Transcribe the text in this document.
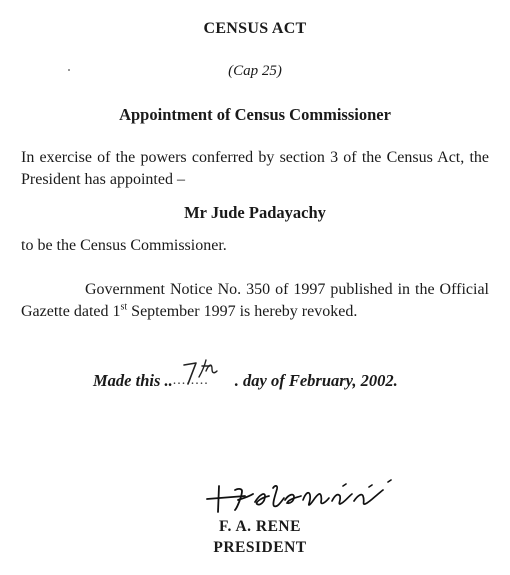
CENSUS ACT
(Cap 25)
Appointment of Census Commissioner
In exercise of the powers conferred by section 3 of the Census Act, the President has appointed –
Mr Jude Padayachy
to be the Census Commissioner.
Government Notice No. 350 of 1997 published in the Official Gazette dated 1st September 1997 is hereby revoked.
Made this .. ........	. day of February, 2002.
F. A. RENE
PRESIDENT
